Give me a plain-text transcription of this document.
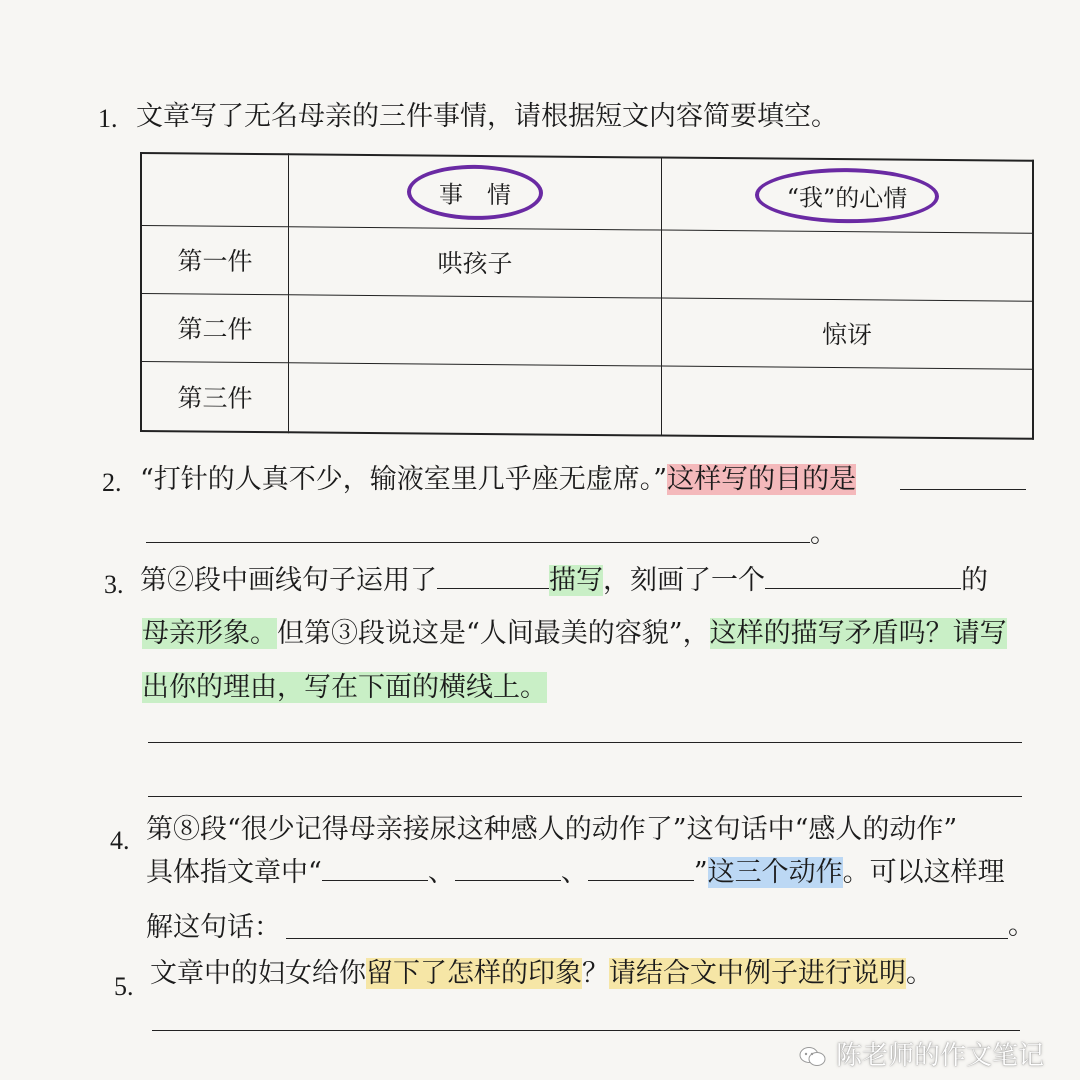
1. 文章写了无名母亲的三件事情，请根据短文内容简要填空。
	事　情	“我”的心情
第一件	哄孩子	
第二件		惊讶
第三件		
2. “打针的人真不少，输液室里几乎座无虚席。”这样写的目的是
。
3. 第②段中画线句子运用了	描写，刻画了一个	的
母亲形象。但第③段说这是“人间最美的容貌”，这样的描写矛盾吗？请写
出你的理由，写在下面的横线上。
4. 第⑧段“很少记得母亲接尿这种感人的动作了”这句话中“感人的动作”
具体指文章中“	、	、	”这三个动作。可以这样理
解这句话：	。
5. 文章中的妇女给你留下了怎样的印象？请结合文中例子进行说明。
陈老师的作文笔记
